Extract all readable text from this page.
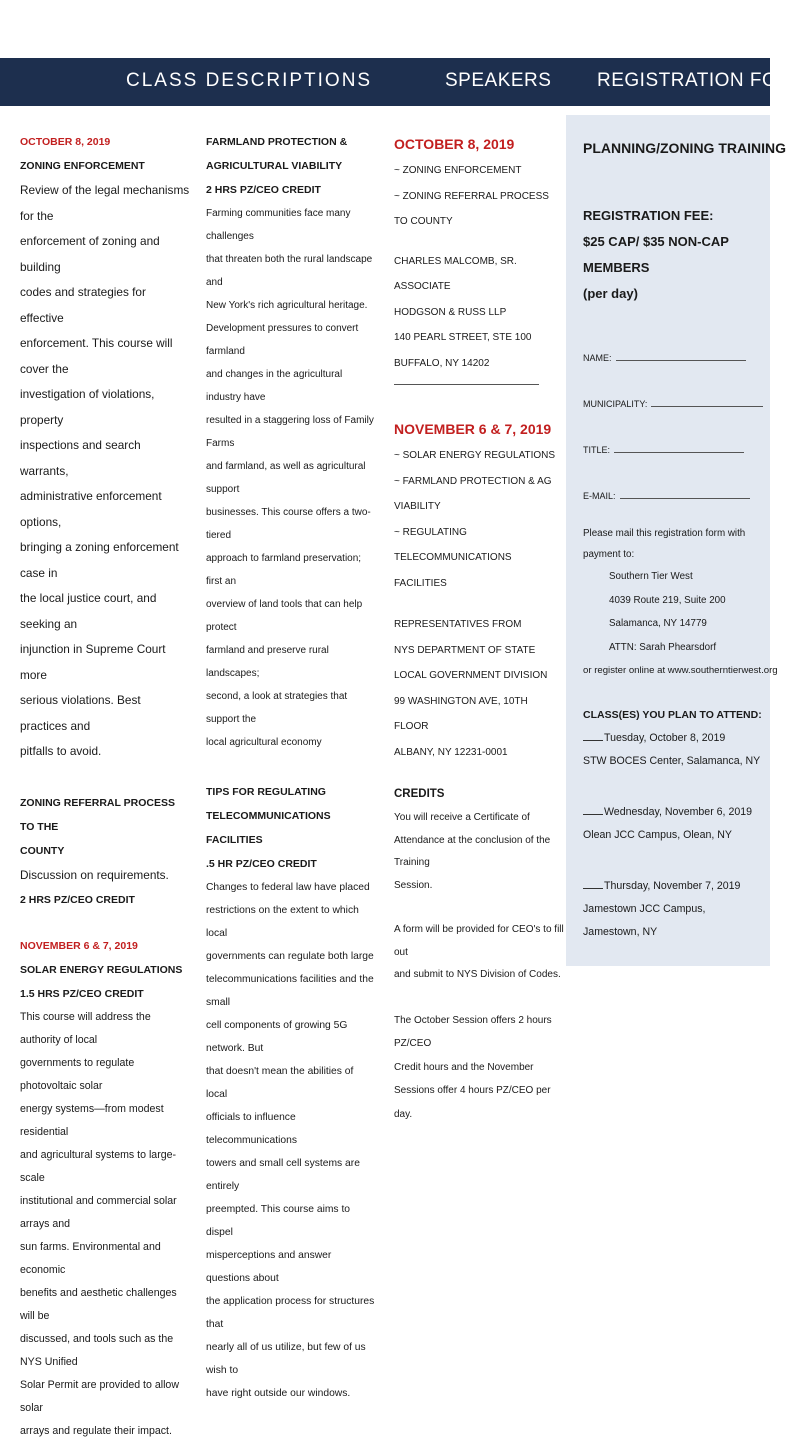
CLASS DESCRIPTIONS	SPEAKERS REGISTRATION FORM
OCTOBER 8, 2019
ZONING ENFORCEMENT
Review of the legal mechanisms for the
enforcement of zoning and building
codes and strategies for effective
enforcement. This course will cover the
investigation of violations, property
inspections and search warrants,
administrative enforcement options,
bringing a zoning enforcement case in
the local justice court, and seeking an
injunction in Supreme Court more
serious violations. Best practices and
pitfalls to avoid.
ZONING REFERRAL PROCESS TO THE
COUNTY
Discussion on requirements.
2 HRS PZ/CEO CREDIT
NOVEMBER 6 & 7, 2019
SOLAR ENERGY REGULATIONS
1.5 HRS PZ/CEO CREDIT
This course will address the authority of local
governments to regulate photovoltaic solar
energy systems—from modest residential
and agricultural systems to large-scale
institutional and commercial solar arrays and
sun farms. Environmental and economic
benefits and aesthetic challenges will be
discussed, and tools such as the NYS Unified
Solar Permit are provided to allow solar
arrays and regulate their impact.
FARMLAND PROTECTION &
AGRICULTURAL VIABILITY
2 HRS PZ/CEO CREDIT
Farming communities face many challenges
that threaten both the rural landscape and
New York's rich agricultural heritage.
Development pressures to convert farmland
and changes in the agricultural industry have
resulted in a staggering loss of Family Farms
and farmland, as well as agricultural support
businesses. This course offers a two-tiered
approach to farmland preservation; first an
overview of land tools that can help protect
farmland and preserve rural landscapes;
second, a look at strategies that support the
local agricultural economy
TIPS FOR REGULATING
TELECOMMUNICATIONS FACILITIES
.5 HR PZ/CEO CREDIT
Changes to federal law have placed
restrictions on the extent to which local
governments can regulate both large
telecommunications facilities and the small
cell components of growing 5G network. But
that doesn't mean the abilities of local
officials to influence telecommunications
towers and small cell systems are entirely
preempted. This course aims to dispel
misperceptions and answer questions about
the application process for structures that
nearly all of us utilize, but few of us wish to
have right outside our windows.
OCTOBER 8, 2019
~ ZONING ENFORCEMENT
~ ZONING REFERRAL PROCESS TO COUNTY
CHARLES MALCOMB, SR. ASSOCIATE
HODGSON & RUSS LLP
140 PEARL STREET, STE 100
BUFFALO, NY 14202
NOVEMBER 6 & 7, 2019
~ SOLAR ENERGY REGULATIONS
~ FARMLAND PROTECTION & AG VIABILITY
~ REGULATING TELECOMMUNICATIONS
FACILITIES
REPRESENTATIVES FROM
NYS DEPARTMENT OF STATE
LOCAL GOVERNMENT DIVISION
99 WASHINGTON AVE, 10TH FLOOR
ALBANY, NY 12231-0001
CREDITS
You will receive a Certificate of
Attendance at the conclusion of the Training
Session.
A form will be provided for CEO's to fill out
and submit to NYS Division of Codes.
The October Session offers 2 hours PZ/CEO
Credit hours and the November
Sessions offer 4 hours PZ/CEO per day.
PLANNING/ZONING TRAINING
REGISTRATION FEE:
$25 CAP/ $35 NON-CAP MEMBERS
(per day)
NAME:
MUNICIPALITY:
TITLE:
E-MAIL:
Please mail this registration form with
payment to:
Southern Tier West
4039 Route 219, Suite 200
Salamanca, NY 14779
ATTN: Sarah Phearsdorf
or register online at www.southerntierwest.org
CLASS(ES) YOU PLAN TO ATTEND:
Tuesday, October 8, 2019
STW BOCES Center, Salamanca, NY
Wednesday, November 6, 2019
Olean JCC Campus, Olean, NY
Thursday, November 7, 2019
Jamestown JCC Campus, Jamestown, NY
